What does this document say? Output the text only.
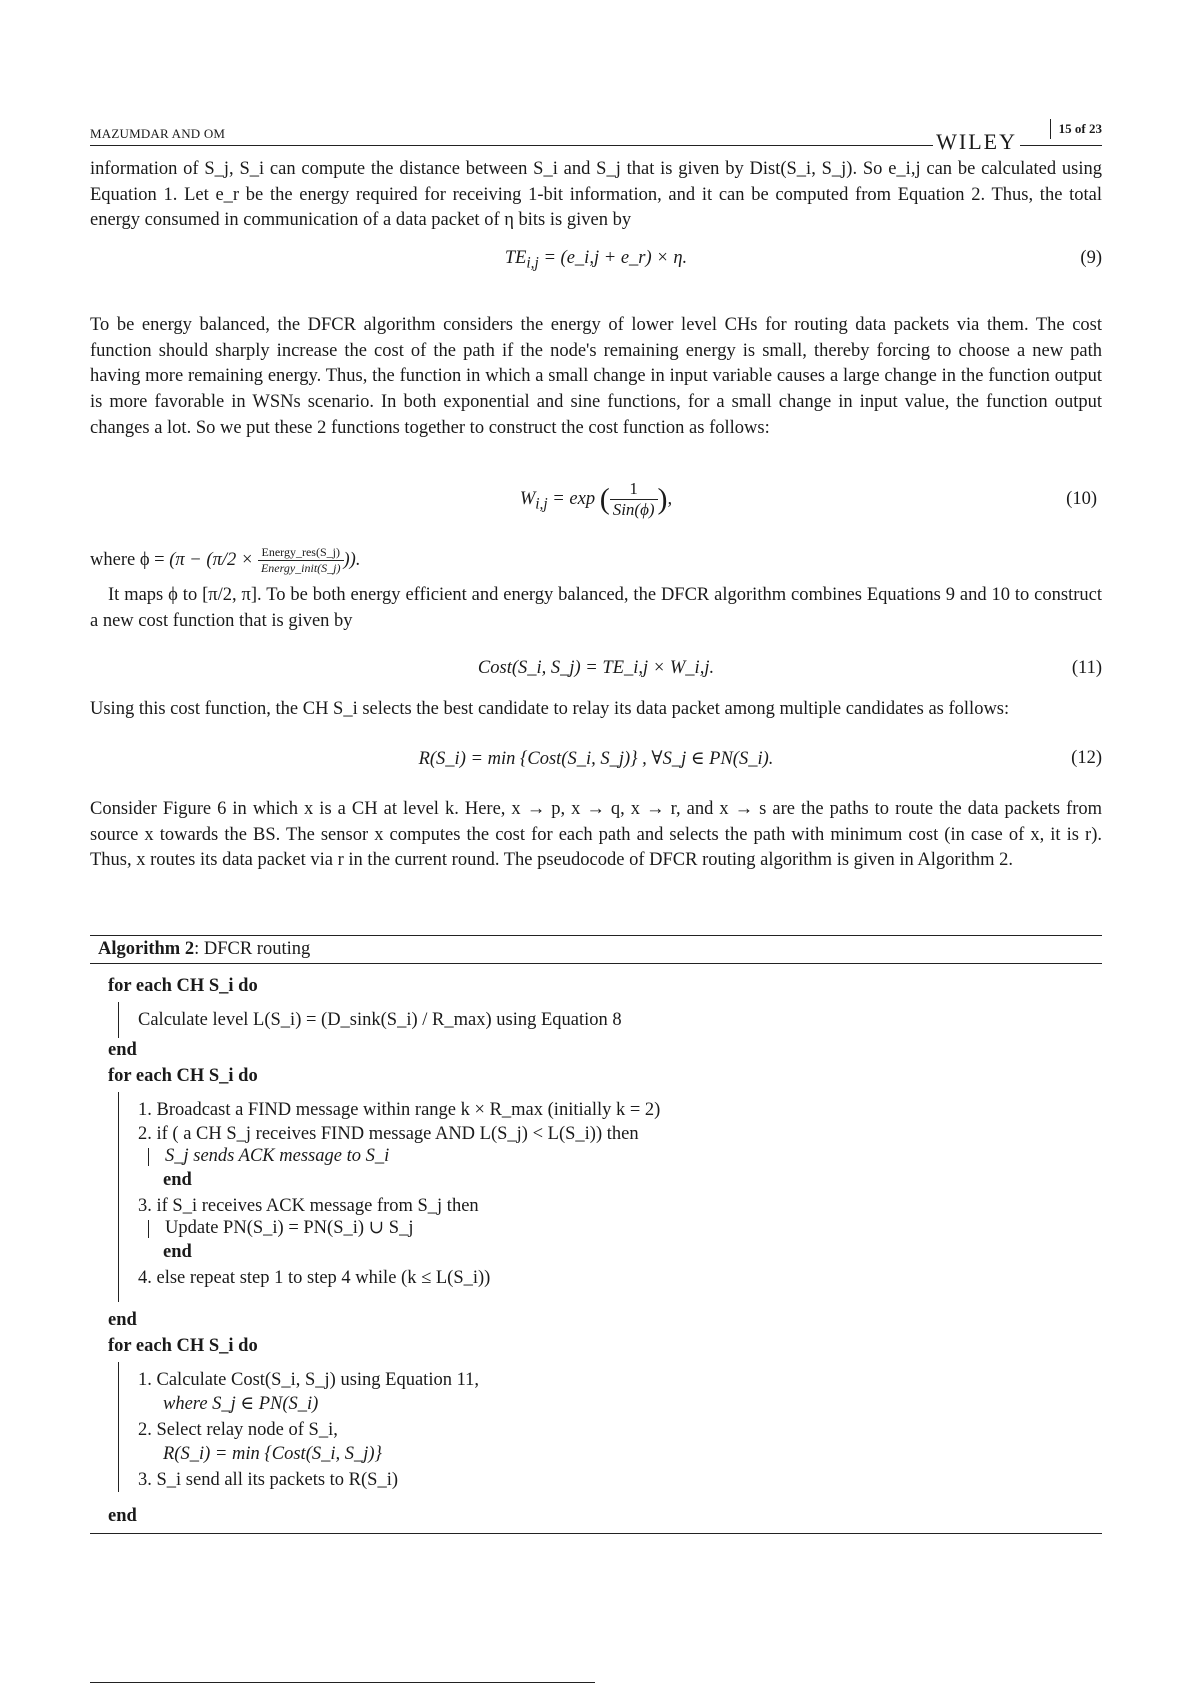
MAZUMDAR AND OM	WILEY
15 of 23

information of S_j, S_i can compute the distance between S_i and S_j that is given by Dist(S_i, S_j). So e_i,j can be calculated using Equation 1. Let e_r be the energy required for receiving 1-bit information, and it can be computed from Equation 2. Thus, the total energy consumed in communication of a data packet of η bits is given by

$TE_{i,j}$ = (e_i,j + e_r) × η.	(9)

To be energy balanced, the DFCR algorithm considers the energy of lower level CHs for routing data packets via them. The cost function should sharply increase the cost of the path if the node's remaining energy is small, thereby forcing to choose a new path having more remaining energy. Thus, the function in which a small change in input variable causes a large change in the function output is more favorable in WSNs scenario. In both exponential and sine functions, for a small change in input value, the function output changes a lot. So we put these 2 functions together to construct the cost function as follows:

$W_{i,j} = \exp$ ( $\frac{1}{\text{Sin(ϕ)}}$ ),	(10)
where $\phi = (\pi - (\pi/2 \times \frac{\text{Energy\_res(S\_j)}}{\text{Energy\_init(S\_j)}}$ )).

It maps ϕ to [π/2, π]. To be both energy efficient and energy balanced, the DFCR algorithm combines Equations 9 and 10 to construct a new cost function that is given by

Cost(S_i, S_j) = TE_i,j × W_i,j.	(11)

Using this cost function, the CH S_i selects the best candidate to relay its data packet among multiple candidates as follows:

R(S_i) = min {Cost(S_i, S_j)} , ∀S_j ∈ PN(S_i).	(12)

Consider Figure 6 in which x is a CH at level k. Here, x → p, x → q, x → r, and x → s are the paths to route the data packets from source x towards the BS. The sensor x computes the cost for each path and selects the path with minimum cost (in case of x, it is r). Thus, x routes its data packet via r in the current round. The pseudocode of DFCR routing algorithm is given in Algorithm 2.

Algorithm 2: DFCR routing
for each CH S_i do
Calculate level L(S_i) = (D_sink(S_i) / R_max) using Equation 8
end
for each CH S_i do
1. Broadcast a FIND message within range k × R_max (initially k = 2)
2. if ( a CH S_j receives FIND message AND L(S_j) < L(S_i)) then
S_j sends ACK message to S_i
end
3. if S_i receives ACK message from S_j then
Update PN(S_i) = PN(S_i) ∪ S_j
end
4. else repeat step 1 to step 4 while (k ≤ L(S_i))
end
for each CH S_i do
1. Calculate Cost(S_i, S_j) using Equation 11,
where S_j ∈ PN(S_i)
2. Select relay node of S_i,
R(S_i) = min {Cost(S_i, S_j)}
3. S_i send all its packets to R(S_i)
end
